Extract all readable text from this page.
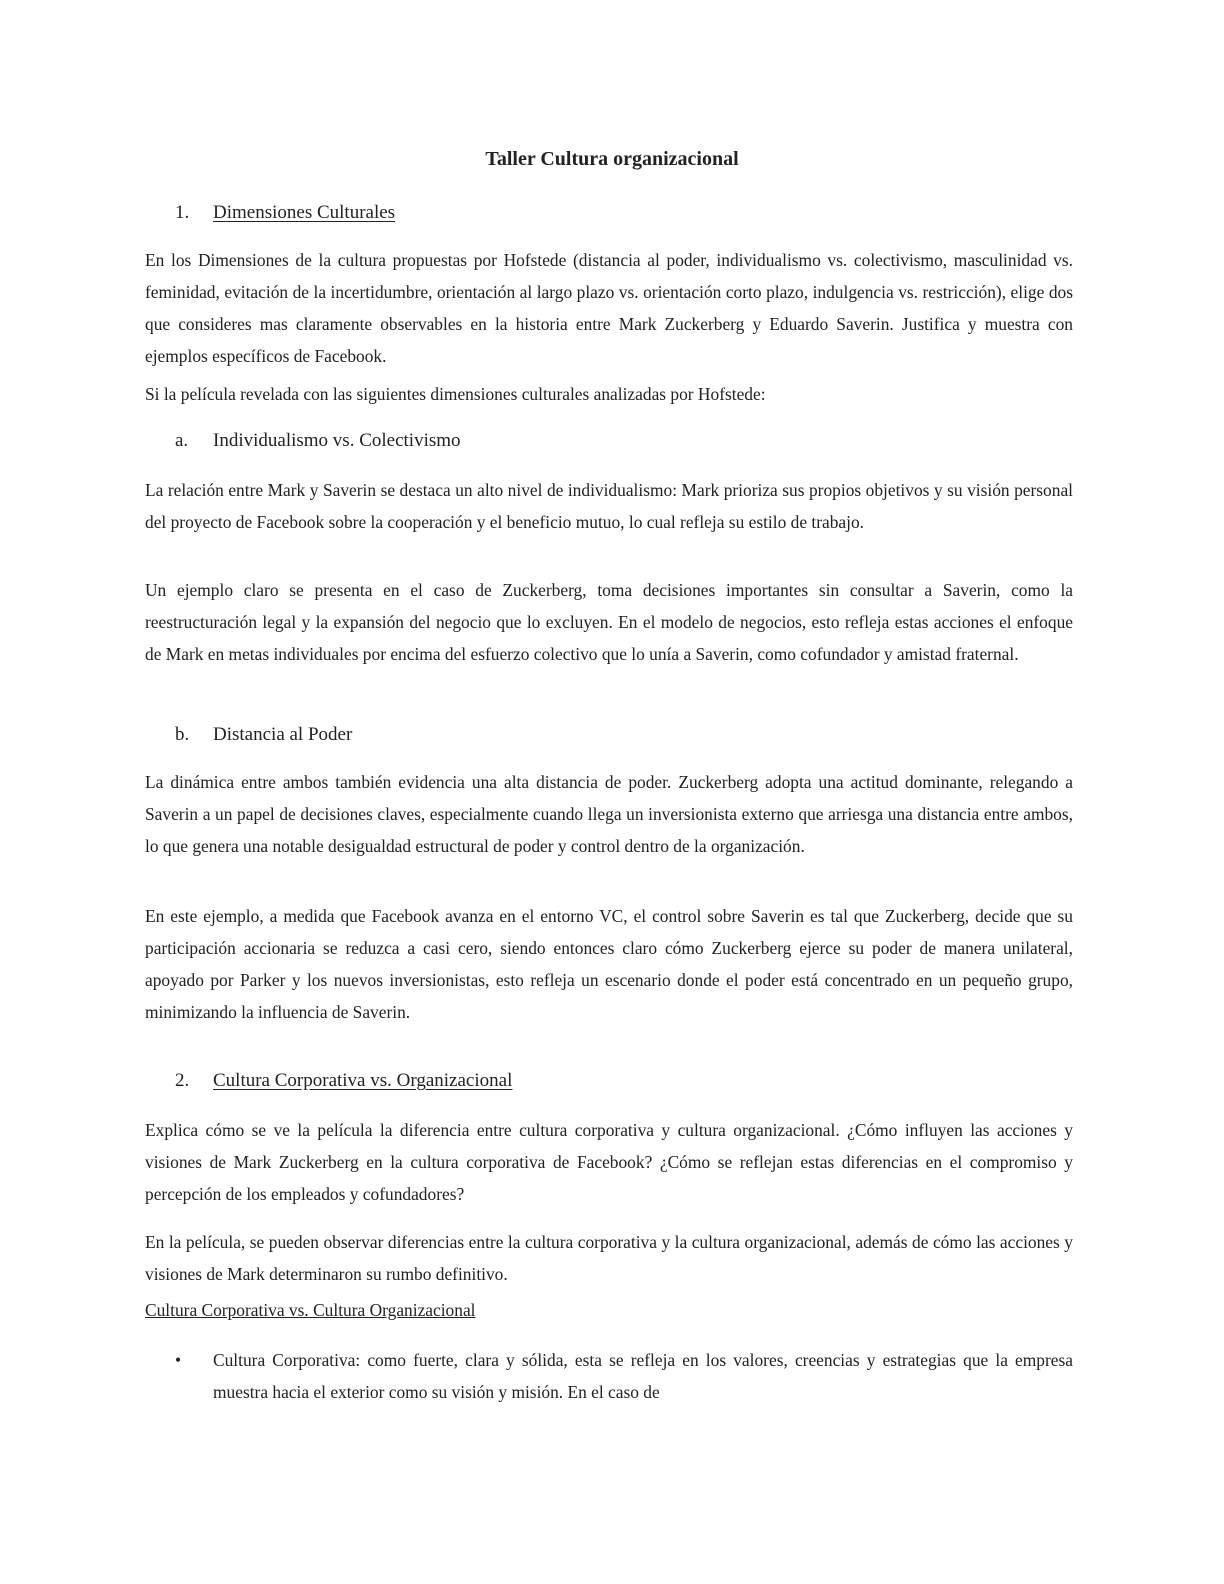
Taller Cultura organizacional
1. Dimensiones Culturales

En los Dimensiones de la cultura propuestas por Hofstede (distancia al poder, individualismo vs. colectivismo, masculinidad vs. feminidad, evitación de la incertidumbre, orientación al largo plazo vs. orientación corto plazo, indulgencia vs. restricción), elige dos que consideres mas claramente observables en la historia entre Mark Zuckerberg y Eduardo Saverin. Justifica y muestra con ejemplos específicos de Facebook.

Si la película revelada con las siguientes dimensiones culturales analizadas por Hofstede:

a. Individualismo vs. Colectivismo

La relación entre Mark y Saverin se destaca un alto nivel de individualismo: Mark prioriza sus propios objetivos y su visión personal del proyecto de Facebook sobre la cooperación y el beneficio mutuo, lo cual refleja su estilo de trabajo.

Un ejemplo claro se presenta en el caso de Zuckerberg, toma decisiones importantes sin consultar a Saverin, como la reestructuración legal y la expansión del negocio que lo excluyen. En el modelo de negocios, esto refleja estas acciones el enfoque de Mark en metas individuales por encima del esfuerzo colectivo que lo unía a Saverin, como cofundador y amistad fraternal.

b. Distancia al Poder

La dinámica entre ambos también evidencia una alta distancia de poder. Zuckerberg adopta una actitud dominante, relegando a Saverin a un papel de decisiones claves, especialmente cuando llega un inversionista externo que arriesga una distancia entre ambos, lo que genera una notable desigualdad estructural de poder y control dentro de la organización.

En este ejemplo, a medida que Facebook avanza en el entorno VC, el control sobre Saverin es tal que Zuckerberg, decide que su participación accionaria se reduzca a casi cero, siendo entonces claro cómo Zuckerberg ejerce su poder de manera unilateral, apoyado por Parker y los nuevos inversionistas, esto refleja un escenario donde el poder está concentrado en un pequeño grupo, minimizando la influencia de Saverin.

2. Cultura Corporativa vs. Organizacional

Explica cómo se ve la película la diferencia entre cultura corporativa y cultura organizacional. ¿Cómo influyen las acciones y visiones de Mark Zuckerberg en la cultura corporativa de Facebook? ¿Cómo se reflejan estas diferencias en el compromiso y percepción de los empleados y cofundadores?

En la película, se pueden observar diferencias entre la cultura corporativa y la cultura organizacional, además de cómo las acciones y visiones de Mark determinaron su rumbo definitivo.

Cultura Corporativa vs. Cultura Organizacional
• Cultura Corporativa: como fuerte, clara y sólida, esta se refleja en los valores, creencias y estrategias que la empresa muestra hacia el exterior como su visión y misión. En el caso de
